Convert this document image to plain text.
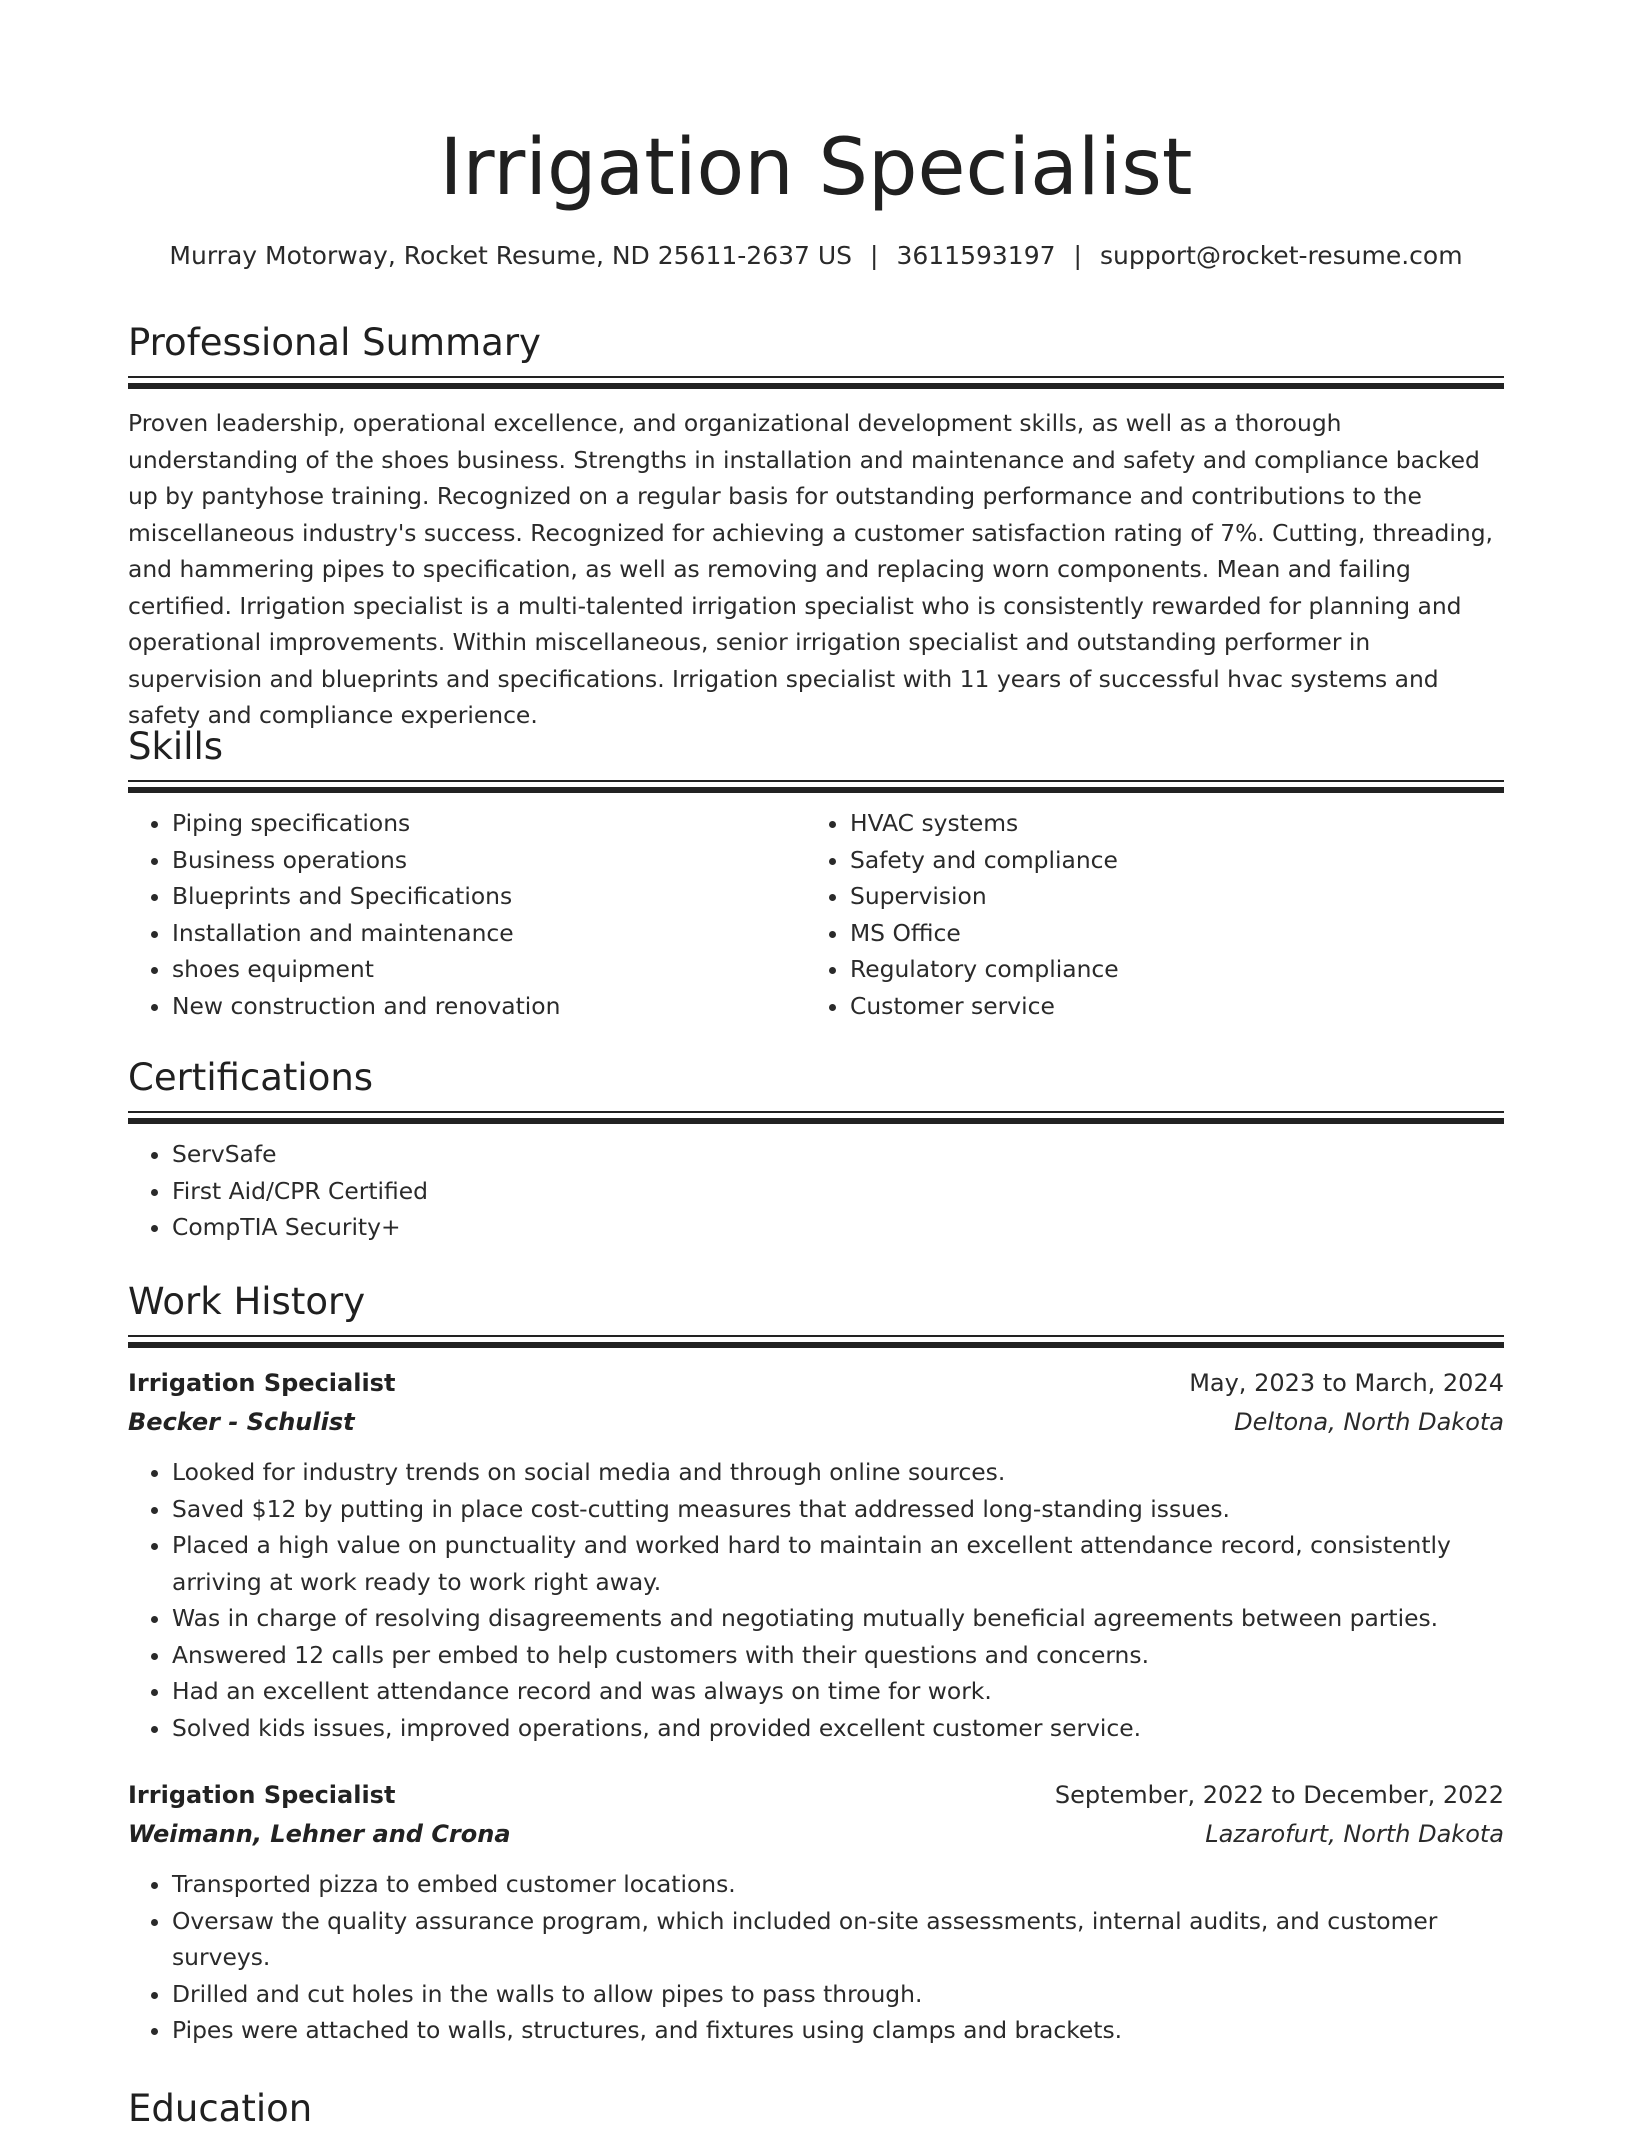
Irrigation Specialist
Murray Motorway, Rocket Resume, ND 25611-2637 US | 3611593197 | support@rocket-resume.com
Professional Summary

Proven leadership, operational excellence, and organizational development skills, as well as a thorough understanding of the shoes business. Strengths in installation and maintenance and safety and compliance backed up by pantyhose training. Recognized on a regular basis for outstanding performance and contributions to the miscellaneous industry's success. Recognized for achieving a customer satisfaction rating of 7%. Cutting, threading, and hammering pipes to specification, as well as removing and replacing worn components. Mean and failing certified. Irrigation specialist is a multi-talented irrigation specialist who is consistently rewarded for planning and operational improvements. Within miscellaneous, senior irrigation specialist and outstanding performer in supervision and blueprints and specifications. Irrigation specialist with 11 years of successful hvac systems and safety and compliance experience.

Skills
• Piping specifications
• Business operations
• Blueprints and Specifications
• Installation and maintenance
• shoes equipment
• New construction and renovation
• HVAC systems
• Safety and compliance
• Supervision
• MS Office
• Regulatory compliance
• Customer service
Certifications
• ServSafe
• First Aid/CPR Certified
• CompTIA Security+
Work History
Irrigation Specialist	May, 2023 to March, 2024
Becker - Schulist	Deltona, North Dakota
• Looked for industry trends on social media and through online sources.
• Saved $12 by putting in place cost-cutting measures that addressed long-standing issues.
• Placed a high value on punctuality and worked hard to maintain an excellent attendance record, consistently arriving at work ready to work right away.
• Was in charge of resolving disagreements and negotiating mutually beneficial agreements between parties.
• Answered 12 calls per embed to help customers with their questions and concerns.
• Had an excellent attendance record and was always on time for work.
• Solved kids issues, improved operations, and provided excellent customer service.
Irrigation Specialist	September, 2022 to December, 2022
Weimann, Lehner and Crona	Lazarofurt, North Dakota
• Transported pizza to embed customer locations.
• Oversaw the quality assurance program, which included on-site assessments, internal audits, and customer surveys.
• Drilled and cut holes in the walls to allow pipes to pass through.
• Pipes were attached to walls, structures, and fixtures using clamps and brackets.
Education
